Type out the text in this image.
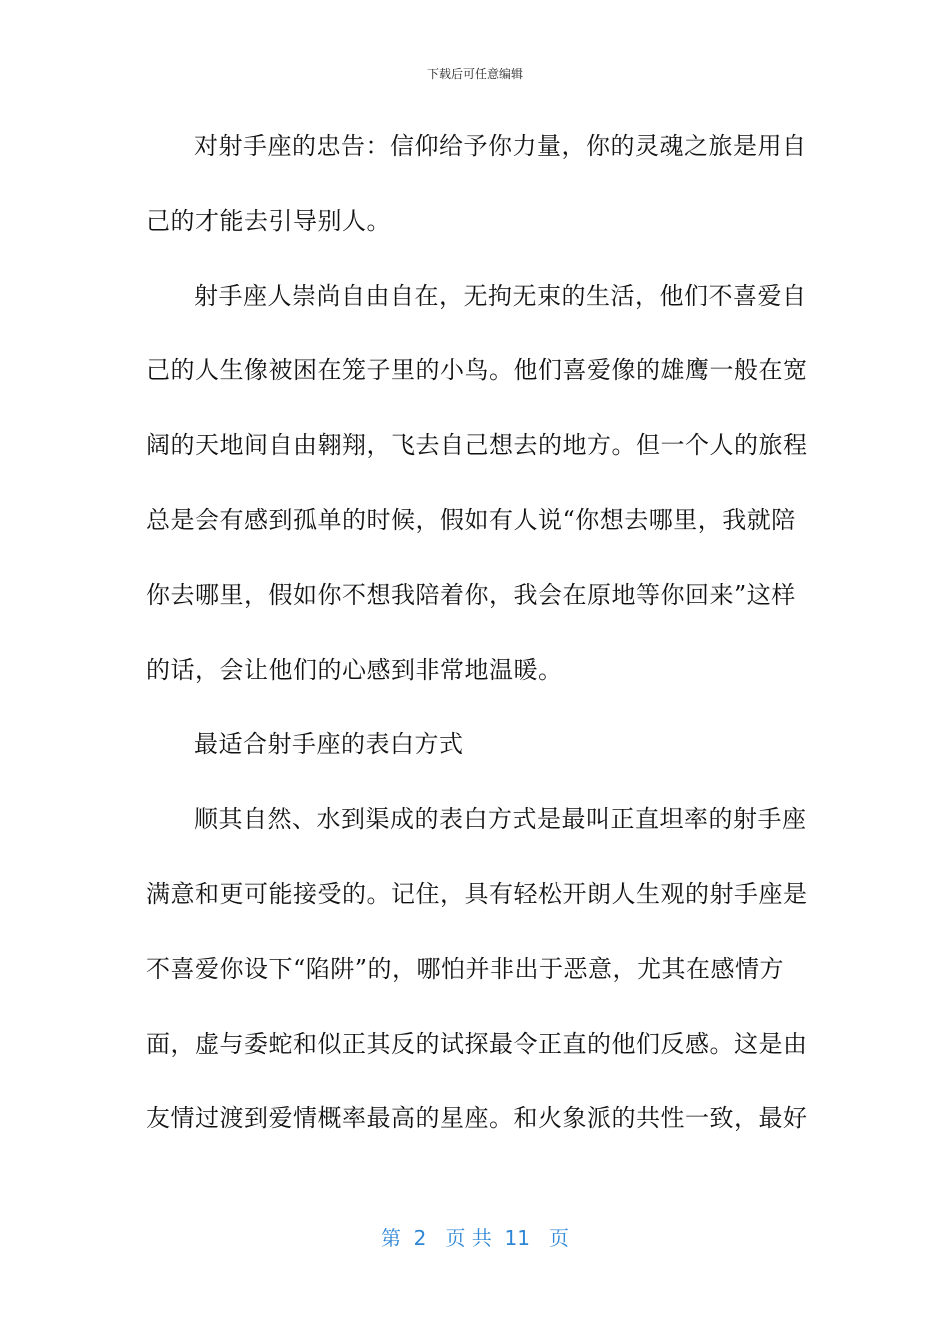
下载后可任意编辑
对射手座的忠告：信仰给予你力量，你的灵魂之旅是用自
己的才能去引导别人。
射手座人崇尚自由自在，无拘无束的生活，他们不喜爱自
己的人生像被困在笼子里的小鸟。他们喜爱像的雄鹰一般在宽
阔的天地间自由翱翔，飞去自己想去的地方。但一个人的旅程
总是会有感到孤单的时候，假如有人说“你想去哪里，我就陪
你去哪里，假如你不想我陪着你，我会在原地等你回来”这样
的话，会让他们的心感到非常地温暖。
最适合射手座的表白方式
顺其自然、水到渠成的表白方式是最叫正直坦率的射手座
满意和更可能接受的。记住，具有轻松开朗人生观的射手座是
不喜爱你设下“陷阱”的，哪怕并非出于恶意，尤其在感情方
面，虚与委蛇和似正其反的试探最令正直的他们反感。这是由
友情过渡到爱情概率最高的星座。和火象派的共性一致，最好
第  2   页 共  11   页
